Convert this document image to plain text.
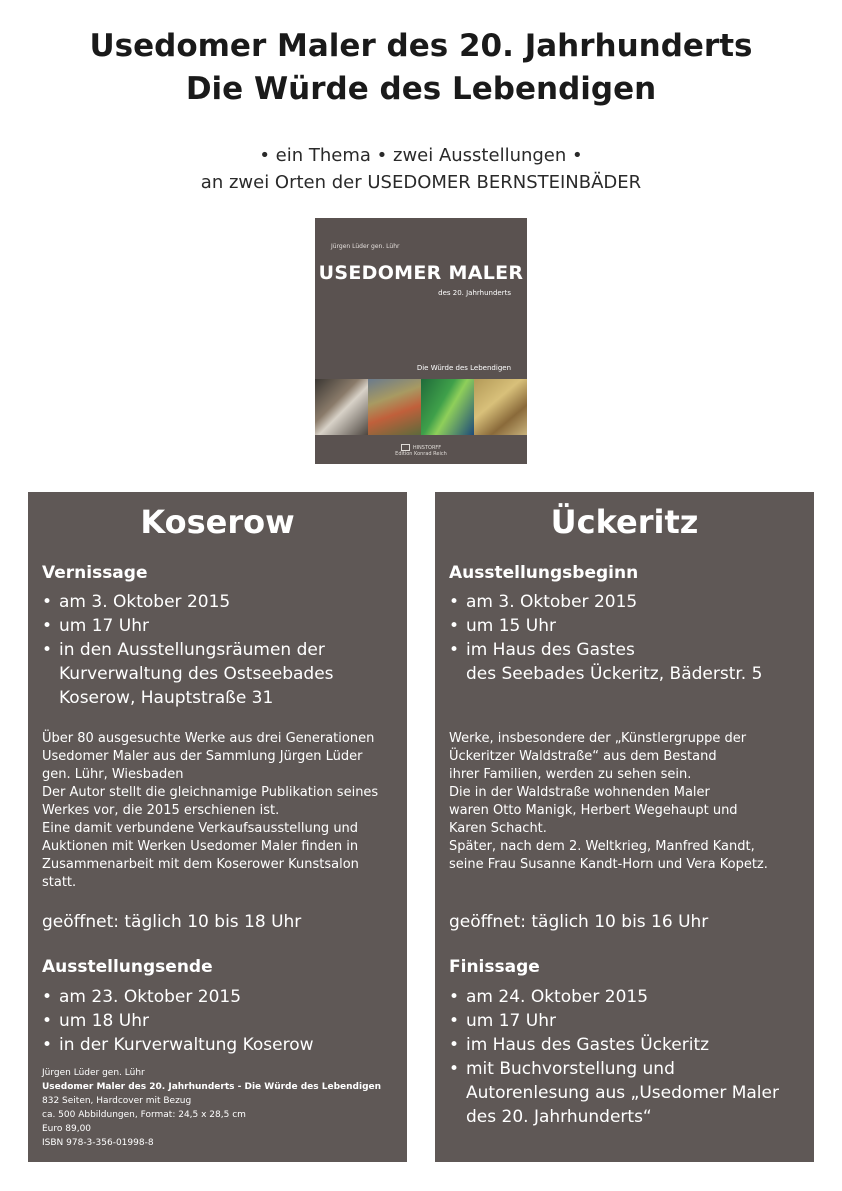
Usedomer Maler des 20. Jahrhunderts
Die Würde des Lebendigen
• ein Thema • zwei Ausstellungen •
an zwei Orten der USEDOMER BERNSTEINBÄDER
Jürgen Lüder gen. Lühr
USEDOMER MALER
des 20. Jahrhunderts
Die Würde des Lebendigen
HINSTORFF
Edition Konrad Reich
Koserow
Vernissage
• am 3. Oktober 2015
• um 17 Uhr
• in den Ausstellungsräumen der
Kurverwaltung des Ostseebades
Koserow, Hauptstraße 31
Über 80 ausgesuchte Werke aus drei Generationen
Usedomer Maler aus der Sammlung Jürgen Lüder
gen. Lühr, Wiesbaden
Der Autor stellt die gleichnamige Publikation seines
Werkes vor, die 2015 erschienen ist.
Eine damit verbundene Verkaufsausstellung und
Auktionen mit Werken Usedomer Maler finden in
Zusammenarbeit mit dem Koserower Kunstsalon
statt.
geöffnet: täglich 10 bis 18 Uhr
Ausstellungsende
• am 23. Oktober 2015
• um 18 Uhr
• in der Kurverwaltung Koserow
Jürgen Lüder gen. Lühr
Usedomer Maler des 20. Jahrhunderts - Die Würde des Lebendigen
832 Seiten, Hardcover mit Bezug
ca. 500 Abbildungen, Format: 24,5 x 28,5 cm
Euro 89,00
ISBN 978-3-356-01998-8
Ückeritz
Ausstellungsbeginn
• am 3. Oktober 2015
• um 15 Uhr
• im Haus des Gastes
des Seebades Ückeritz, Bäderstr. 5
Werke, insbesondere der „Künstlergruppe der
Ückeritzer Waldstraße“ aus dem Bestand
ihrer Familien, werden zu sehen sein.
Die in der Waldstraße wohnenden Maler
waren Otto Manigk, Herbert Wegehaupt und
Karen Schacht.
Später, nach dem 2. Weltkrieg, Manfred Kandt,
seine Frau Susanne Kandt-Horn und Vera Kopetz.
geöffnet: täglich 10 bis 16 Uhr
Finissage
• am 24. Oktober 2015
• um 17 Uhr
• im Haus des Gastes Ückeritz
• mit Buchvorstellung und
Autorenlesung aus „Usedomer Maler
des 20. Jahrhunderts“
